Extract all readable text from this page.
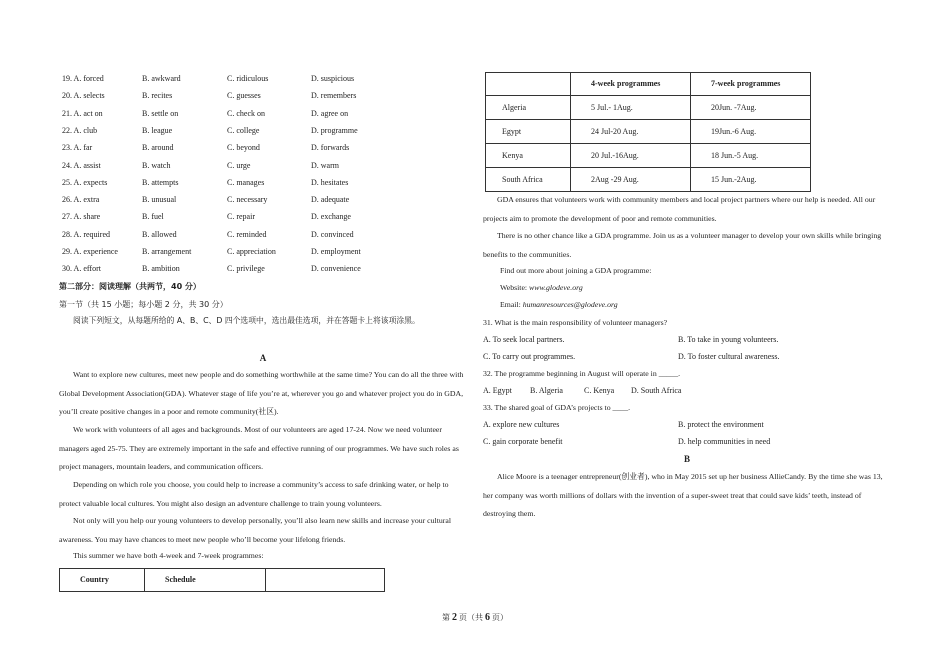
19. A. forced	B. awkward	C. ridiculous	D. suspicious
20. A. selects	B. recites	C. guesses	D. remembers
21. A. act on	B. settle on	C. check on	D. agree on
22. A. club	B. league	C. college	D. programme
23. A. far	B. around	C. beyond	D. forwards
24. A. assist	B. watch	C. urge	D. warm
25. A. expects	B. attempts	C. manages	D. hesitates
26. A. extra	B. unusual	C. necessary	D. adequate
27. A. share	B. fuel	C. repair	D. exchange
28. A. required	B. allowed	C. reminded	D. convinced
29. A. experience	B. arrangement	C. appreciation	D. employment
30. A. effort	B. ambition	C. privilege	D. convenience
第二部分：阅读理解（共两节，40 分）
第一节（共 15 小题；每小题 2 分，共 30 分）
阅读下列短文，从每题所给的 A、B、C、D 四个选项中，选出最佳选项，并在答题卡上将该项涂黑。
A
Want to explore new cultures, meet new people and do something worthwhile at the same time? You can do all the three with Global Development Association(GDA). Whatever stage of life you’re at, wherever you go and whatever project you do in GDA, you’ll create positive changes in a poor and remote community(社区).
We work with volunteers of all ages and backgrounds. Most of our volunteers are aged 17-24. Now we need volunteer managers aged 25-75. They are extremely important in the safe and effective running of our programmes. We have such roles as project managers, mountain leaders, and communication officers.
Depending on which role you choose, you could help to increase a community’s access to safe drinking water, or help to protect valuable local cultures. You might also design an adventure challenge to train young volunteers.
Not only will you help our young volunteers to develop personally, you’ll also learn new skills and increase your cultural awareness. You may have chances to meet new people who’ll become your lifelong friends.
This summer we have both 4-week and 7-week programmes:
Country	Schedule	
	4-week programmes	7-week programmes
Algeria	5 Jul.- 1Aug.	20Jun. -7Aug.
Egypt	24 Jul-20 Aug.	19Jun.-6 Aug.
Kenya	20 Jul.-16Aug.	18 Jun.-5 Aug.
South Africa	2Aug -29 Aug.	15 Jun.-2Aug.
GDA ensures that volunteers work with community members and local project partners where our help is needed. All our projects aim to promote the development of poor and remote communities.
There is no other chance like a GDA programme. Join us as a volunteer manager to develop your own skills while bringing benefits to the communities.
Find out more about joining a GDA programme:
Website: www.glodeve.org
Email: humanresources@glodeve.org
31. What is the main responsibility of volunteer managers?
A. To seek local partners.	B. To take in young volunteers.
C. To carry out programmes.	D. To foster cultural awareness.
32. The programme beginning in August will operate in _____.
A. Egypt B. Algeria	C. Kenya D. South Africa
33. The shared goal of GDA’s projects to ____.
A. explore new cultures	B. protect the environment
C. gain corporate benefit	D. help communities in need
B
Alice Moore is a teenager entrepreneur(创业者), who in May 2015 set up her business AllieCandy. By the time she was 13, her company was worth millions of dollars with the invention of a super-sweet treat that could save kids’ teeth, instead of destroying them.
第 2 页（共 6 页）
